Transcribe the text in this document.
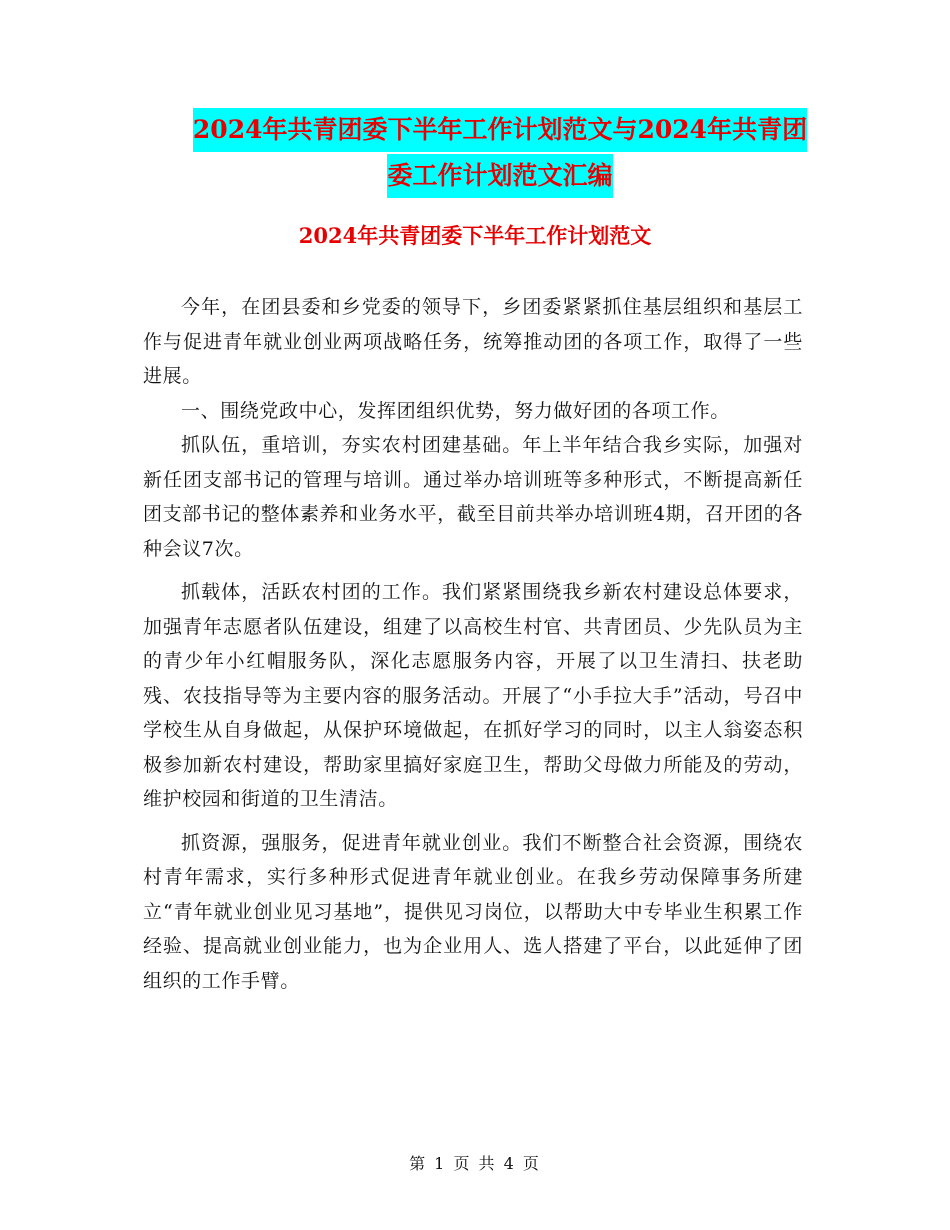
2024年共青团委下半年工作计划范文与2024年共青团
委工作计划范文汇编
2024年共青团委下半年工作计划范文

今年，在团县委和乡党委的领导下，乡团委紧紧抓住基层组织和基层工作与促进青年就业创业两项战略任务，统筹推动团的各项工作，取得了一些进展。

一、围绕党政中心，发挥团组织优势，努力做好团的各项工作。

抓队伍，重培训，夯实农村团建基础。年上半年结合我乡实际，加强对新任团支部书记的管理与培训。通过举办培训班等多种形式，不断提高新任团支部书记的整体素养和业务水平，截至目前共举办培训班4期，召开团的各种会议7次。

抓载体，活跃农村团的工作。我们紧紧围绕我乡新农村建设总体要求，加强青年志愿者队伍建设，组建了以高校生村官、共青团员、少先队员为主的青少年小红帽服务队，深化志愿服务内容，开展了以卫生清扫、扶老助残、农技指导等为主要内容的服务活动。开展了“小手拉大手”活动，号召中学校生从自身做起，从保护环境做起，在抓好学习的同时，以主人翁姿态积极参加新农村建设，帮助家里搞好家庭卫生，帮助父母做力所能及的劳动，维护校园和街道的卫生清洁。

抓资源，强服务，促进青年就业创业。我们不断整合社会资源，围绕农村青年需求，实行多种形式促进青年就业创业。在我乡劳动保障事务所建立“青年就业创业见习基地”，提供见习岗位，以帮助大中专毕业生积累工作经验、提高就业创业能力，也为企业用人、选人搭建了平台，以此延伸了团组织的工作手臂。

第 1 页 共 4 页
